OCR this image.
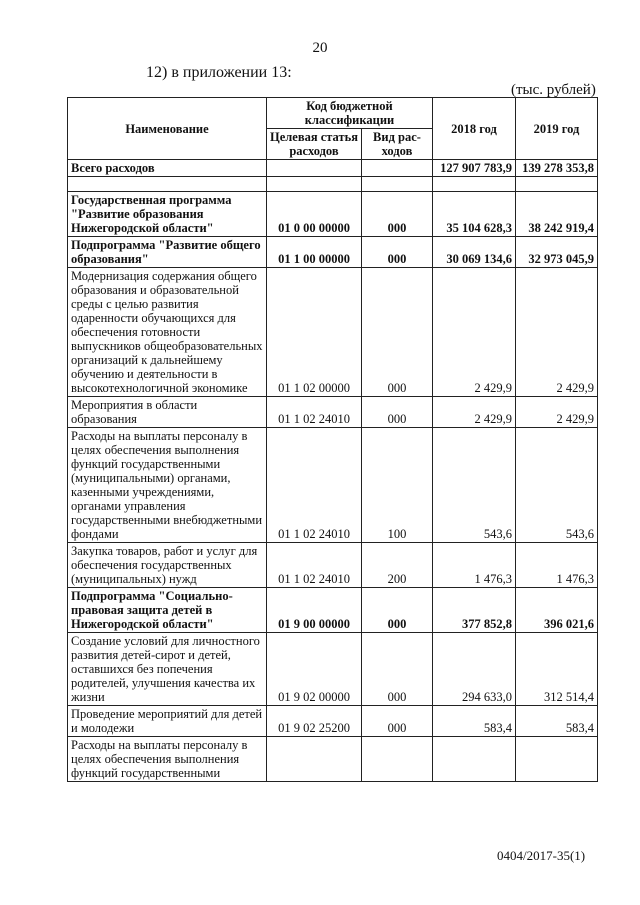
20
12) в приложении 13:
(тыс. рублей)
Наименование	Код бюджетной классификации		2018 год	2019 год
	Целевая статья расходов	Вид рас-ходов		
Всего расходов			127 907 783,9	139 278 353,8

Государственная программа "Развитие образования Нижегородской области"	01 0 00 00000	000	35 104 628,3	38 242 919,4
Подпрограмма "Развитие общего образования"	01 1 00 00000	000	30 069 134,6	32 973 045,9
Модернизация содержания общего образования и образовательной среды с целью развития одаренности обучающихся для обеспечения готовности выпускников общеобразовательных организаций к дальнейшему обучению и деятельности в высокотехнологичной экономике	01 1 02 00000	000	2 429,9	2 429,9
Мероприятия в области образования	01 1 02 24010	000	2 429,9	2 429,9
Расходы на выплаты персоналу в целях обеспечения выполнения функций государственными (муниципальными) органами, казенными учреждениями, органами управления государственными внебюджетными фондами	01 1 02 24010	100	543,6	543,6
Закупка товаров, работ и услуг для обеспечения государственных (муниципальных) нужд	01 1 02 24010	200	1 476,3	1 476,3
Подпрограмма "Социально-правовая защита детей в Нижегородской области"	01 9 00 00000	000	377 852,8	396 021,6
Создание условий для личностного развития детей-сирот и детей, оставшихся без попечения родителей, улучшения качества их жизни	01 9 02 00000	000	294 633,0	312 514,4
Проведение мероприятий для детей и молодежи	01 9 02 25200	000	583,4	583,4
Расходы на выплаты персоналу в целях обеспечения выполнения функций государственными				
0404/2017-35(1)
